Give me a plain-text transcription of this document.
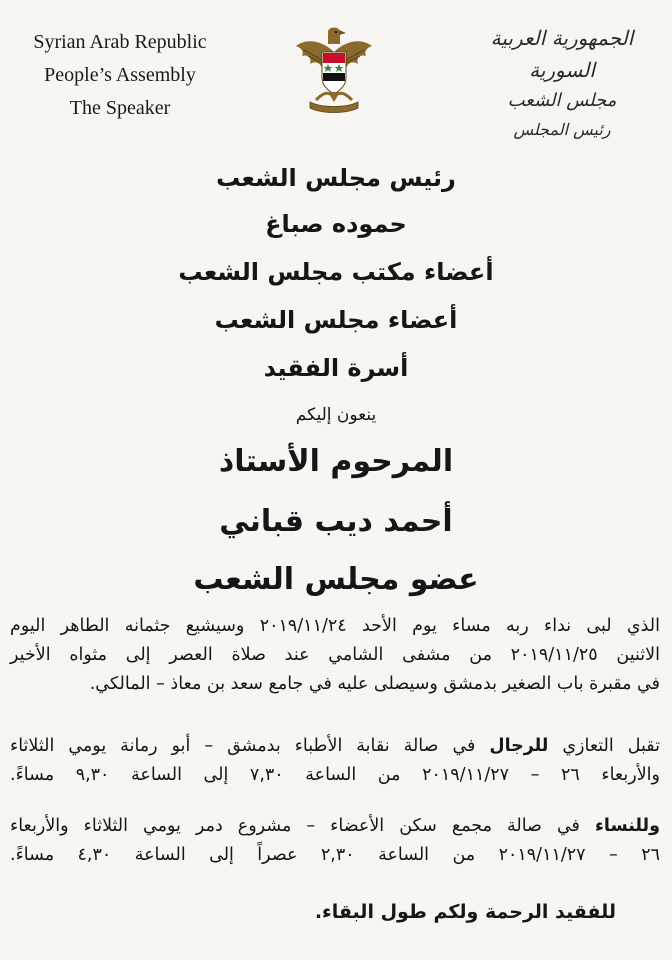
Syrian Arab Republic
People’s Assembly
The Speaker
الجمهورية العربية السورية
مجلس الشعب
رئيس المجلس
رئيس مجلس الشعب
حموده صباغ
أعضاء مكتب مجلس الشعب
أعضاء مجلس الشعب
أسرة الفقيد
ينعون إليكم
المرحوم الأستاذ
أحمد ديب قباني
عضو مجلس الشعب
الذي لبى نداء ربه مساء يوم الأحد ٢٠١٩/١١/٢٤ وسيشيع جثمانه الطاهر اليوم
الاثنين ٢٠١٩/١١/٢٥ من مشفى الشامي عند صلاة العصر إلى مثواه الأخير
في مقبرة باب الصغير بدمشق وسيصلى عليه في جامع سعد بن معاذ – المالكي.
تقبل التعازي للرجال في صالة نقابة الأطباء بدمشق – أبو رمانة يومي الثلاثاء
والأربعاء ٢٦ – ٢٠١٩/١١/٢٧ من الساعة ٧,٣٠ إلى الساعة ٩,٣٠ مساءً.
وللنساء في صالة مجمع سكن الأعضاء – مشروع دمر يومي الثلاثاء والأربعاء
٢٦ – ٢٠١٩/١١/٢٧ من الساعة ٢,٣٠ عصراً إلى الساعة ٤,٣٠ مساءً.
للفقيد الرحمة ولكم طول البقاء.
